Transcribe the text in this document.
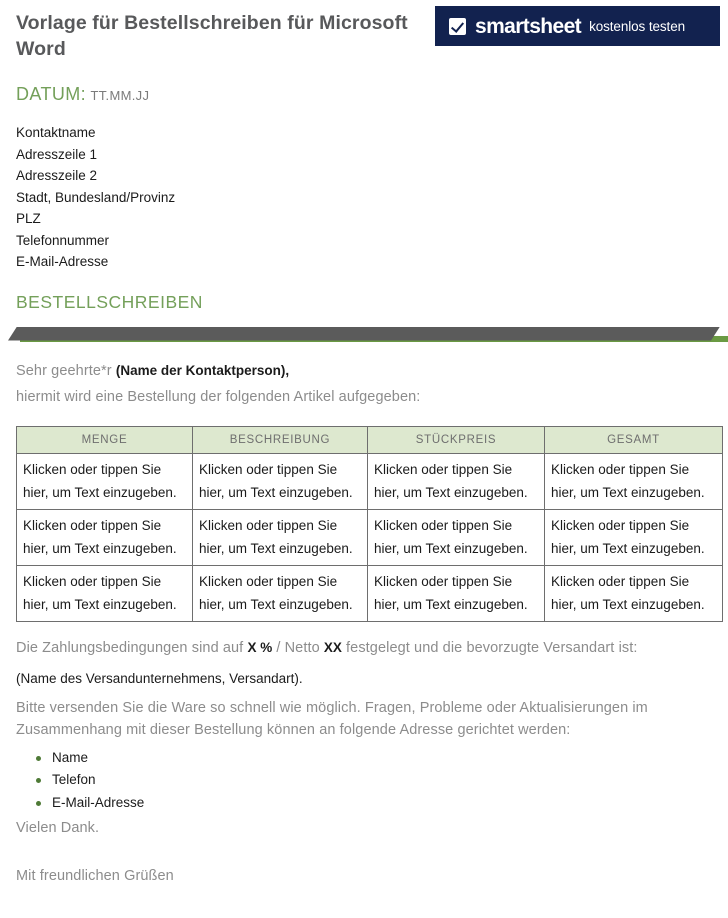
Vorlage für Bestellschreiben für Microsoft Word
smartsheet kostenlos testen
DATUM: TT.MM.JJ
Kontaktname
Adresszeile 1
Adresszeile 2
Stadt, Bundesland/Provinz
PLZ
Telefonnummer
E-Mail-Adresse
BESTELLSCHREIBEN
Sehr geehrte*r (Name der Kontaktperson),
hiermit wird eine Bestellung der folgenden Artikel aufgegeben:
MENGE	BESCHREIBUNG	STÜCKPREIS	GESAMT
Klicken oder tippen Sie hier, um Text einzugeben.	Klicken oder tippen Sie hier, um Text einzugeben.	Klicken oder tippen Sie hier, um Text einzugeben.	Klicken oder tippen Sie hier, um Text einzugeben.
Klicken oder tippen Sie hier, um Text einzugeben.	Klicken oder tippen Sie hier, um Text einzugeben.	Klicken oder tippen Sie hier, um Text einzugeben.	Klicken oder tippen Sie hier, um Text einzugeben.
Klicken oder tippen Sie hier, um Text einzugeben.	Klicken oder tippen Sie hier, um Text einzugeben.	Klicken oder tippen Sie hier, um Text einzugeben.	Klicken oder tippen Sie hier, um Text einzugeben.
Die Zahlungsbedingungen sind auf X % / Netto XX festgelegt und die bevorzugte Versandart ist:
(Name des Versandunternehmens, Versandart).
Bitte versenden Sie die Ware so schnell wie möglich. Fragen, Probleme oder Aktualisierungen im Zusammenhang mit dieser Bestellung können an folgende Adresse gerichtet werden:
Name
Telefon
E-Mail-Adresse
Vielen Dank.
Mit freundlichen Grüßen
